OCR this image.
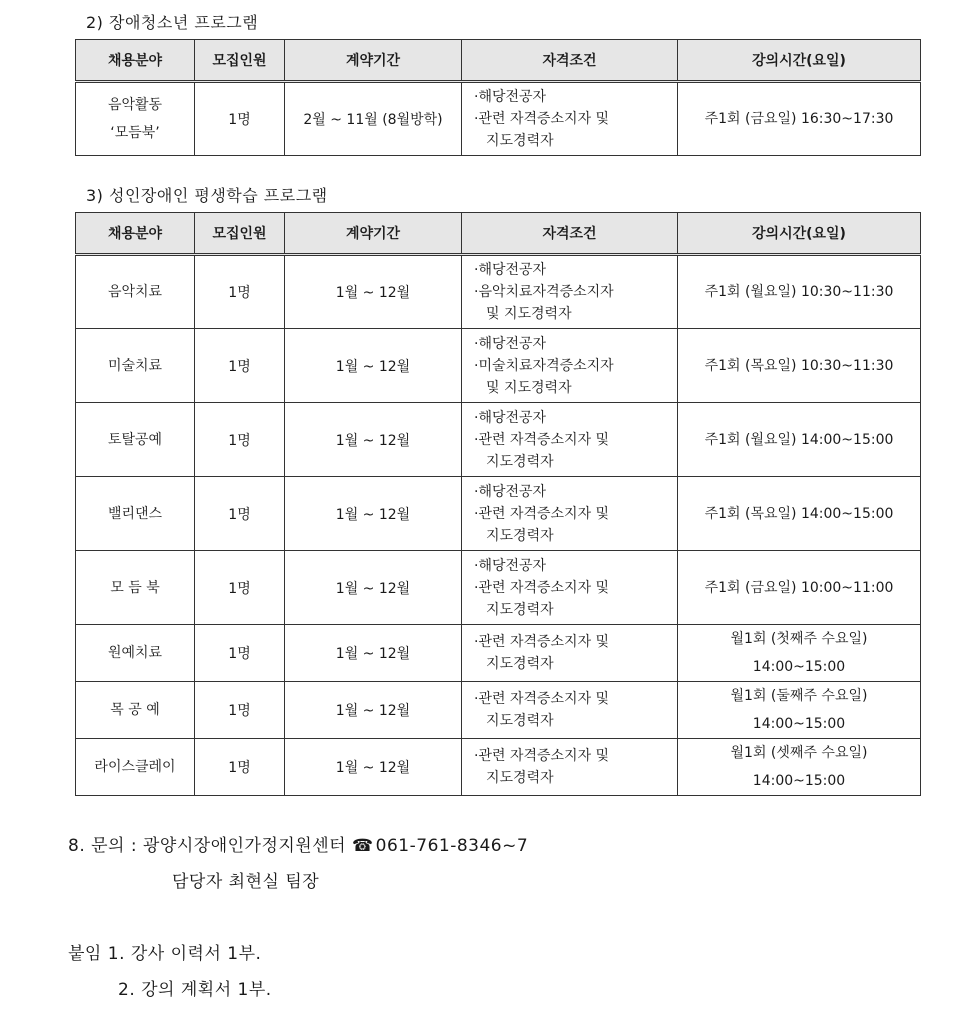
2) 장애청소년 프로그램
채용분야	모집인원	계약기간	자격조건	강의시간(요일)

음악활동
‘모듬북’	1명	2월 ~ 11월 (8월방학)	·해당전공자
·관련 자격증소지자 및
지도경력자	주1회 (금요일) 16:30~17:30
3) 성인장애인 평생학습 프로그램
채용분야	모집인원	계약기간	자격조건	강의시간(요일)

음악치료	1명	1월 ~ 12월	·해당전공자
·음악치료자격증소지자
및 지도경력자	주1회 (월요일) 10:30~11:30

미술치료	1명	1월 ~ 12월	·해당전공자
·미술치료자격증소지자
및 지도경력자	주1회 (목요일) 10:30~11:30

토탈공예	1명	1월 ~ 12월	·해당전공자
·관련 자격증소지자 및
지도경력자	주1회 (월요일) 14:00~15:00

밸리댄스	1명	1월 ~ 12월	·해당전공자
·관련 자격증소지자 및
지도경력자	주1회 (목요일) 14:00~15:00

모 듬 북	1명	1월 ~ 12월	·해당전공자
·관련 자격증소지자 및
지도경력자	주1회 (금요일) 10:00~11:00

원예치료	1명	1월 ~ 12월	·관련 자격증소지자 및
지도경력자	월1회 (첫째주 수요일)
14:00~15:00

목 공 예	1명	1월 ~ 12월	·관련 자격증소지자 및
지도경력자	월1회 (둘째주 수요일)
14:00~15:00

라이스클레이	1명	1월 ~ 12월	·관련 자격증소지자 및
지도경력자	월1회 (셋째주 수요일)
14:00~15:00
8. 문의 : 광양시장애인가정지원센터 ☎ 061-761-8346~7
담당자 최현실 팀장
붙임 1. 강사 이력서 1부.
2. 강의 계획서 1부.
